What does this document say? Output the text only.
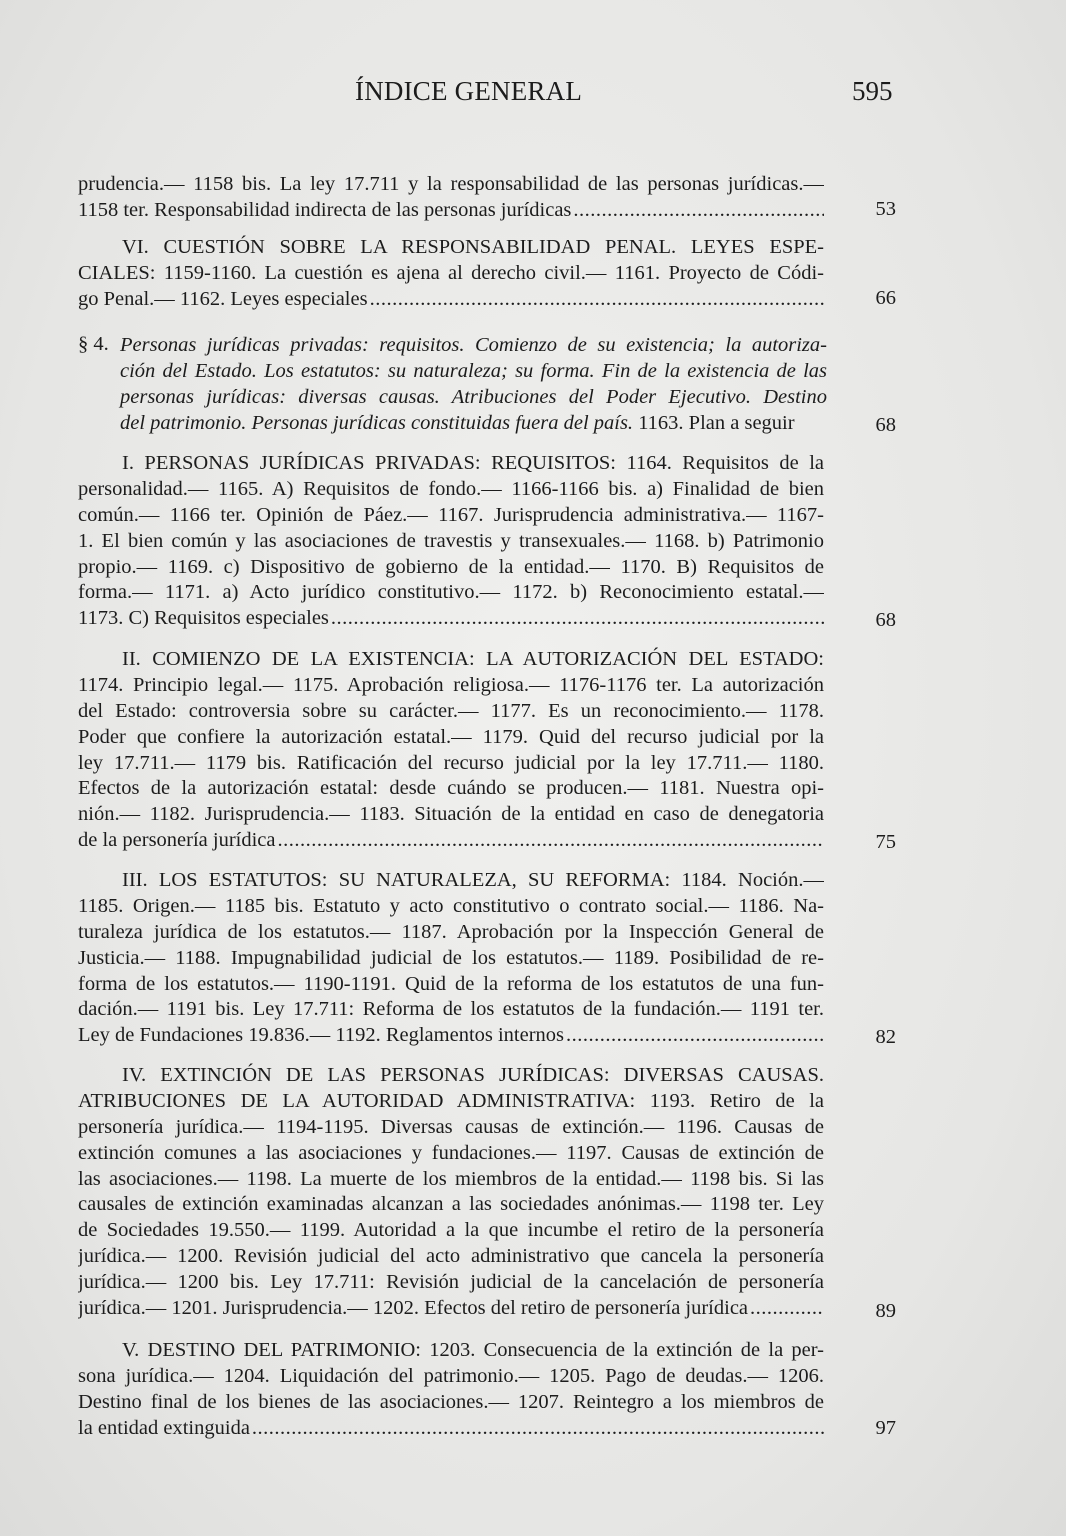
ÍNDICE GENERAL	595
prudencia.— 1158 bis. La ley 17.711 y la responsabilidad de las personas jurídicas.—
1158 ter. Responsabilidad indirecta de las personas jurídicas .....	53
VI. CUESTIÓN SOBRE LA RESPONSABILIDAD PENAL. LEYES ESPE-
CIALES: 1159-1160. La cuestión es ajena al derecho civil.— 1161. Proyecto de Códi-
go Penal.— 1162. Leyes especiales .....	66
§ 4. Personas jurídicas privadas: requisitos. Comienzo de su existencia; la autoriza-
ción del Estado. Los estatutos: su naturaleza; su forma. Fin de la existencia de las
personas jurídicas: diversas causas. Atribuciones del Poder Ejecutivo. Destino
del patrimonio. Personas jurídicas constituidas fuera del país. 1163. Plan a seguir	68
I. PERSONAS JURÍDICAS PRIVADAS: REQUISITOS: 1164. Requisitos de la
personalidad.— 1165. A) Requisitos de fondo.— 1166-1166 bis. a) Finalidad de bien
común.— 1166 ter. Opinión de Páez.— 1167. Jurisprudencia administrativa.— 1167-
1. El bien común y las asociaciones de travestis y transexuales.— 1168. b) Patrimonio
propio.— 1169. c) Dispositivo de gobierno de la entidad.— 1170. B) Requisitos de
forma.— 1171. a) Acto jurídico constitutivo.— 1172. b) Reconocimiento estatal.—
1173. C) Requisitos especiales .....	68
II. COMIENZO DE LA EXISTENCIA: LA AUTORIZACIÓN DEL ESTADO:
1174. Principio legal.— 1175. Aprobación religiosa.— 1176-1176 ter. La autorización
del Estado: controversia sobre su carácter.— 1177. Es un reconocimiento.— 1178.
Poder que confiere la autorización estatal.— 1179. Quid del recurso judicial por la
ley 17.711.— 1179 bis. Ratificación del recurso judicial por la ley 17.711.— 1180.
Efectos de la autorización estatal: desde cuándo se producen.— 1181. Nuestra opi-
nión.— 1182. Jurisprudencia.— 1183. Situación de la entidad en caso de denegatoria
de la personería jurídica .....	75
III. LOS ESTATUTOS: SU NATURALEZA, SU REFORMA: 1184. Noción.—
1185. Origen.— 1185 bis. Estatuto y acto constitutivo o contrato social.— 1186. Na-
turaleza jurídica de los estatutos.— 1187. Aprobación por la Inspección General de
Justicia.— 1188. Impugnabilidad judicial de los estatutos.— 1189. Posibilidad de re-
forma de los estatutos.— 1190-1191. Quid de la reforma de los estatutos de una fun-
dación.— 1191 bis. Ley 17.711: Reforma de los estatutos de la fundación.— 1191 ter.
Ley de Fundaciones 19.836.— 1192. Reglamentos internos .....	82
IV. EXTINCIÓN DE LAS PERSONAS JURÍDICAS: DIVERSAS CAUSAS.
ATRIBUCIONES DE LA AUTORIDAD ADMINISTRATIVA: 1193. Retiro de la
personería jurídica.— 1194-1195. Diversas causas de extinción.— 1196. Causas de
extinción comunes a las asociaciones y fundaciones.— 1197. Causas de extinción de
las asociaciones.— 1198. La muerte de los miembros de la entidad.— 1198 bis. Si las
causales de extinción examinadas alcanzan a las sociedades anónimas.— 1198 ter. Ley
de Sociedades 19.550.— 1199. Autoridad a la que incumbe el retiro de la personería
jurídica.— 1200. Revisión judicial del acto administrativo que cancela la personería
jurídica.— 1200 bis. Ley 17.711: Revisión judicial de la cancelación de personería
jurídica.— 1201. Jurisprudencia.— 1202. Efectos del retiro de personería jurídica .....	89
V. DESTINO DEL PATRIMONIO: 1203. Consecuencia de la extinción de la per-
sona jurídica.— 1204. Liquidación del patrimonio.— 1205. Pago de deudas.— 1206.
Destino final de los bienes de las asociaciones.— 1207. Reintegro a los miembros de
la entidad extinguida .....	97
